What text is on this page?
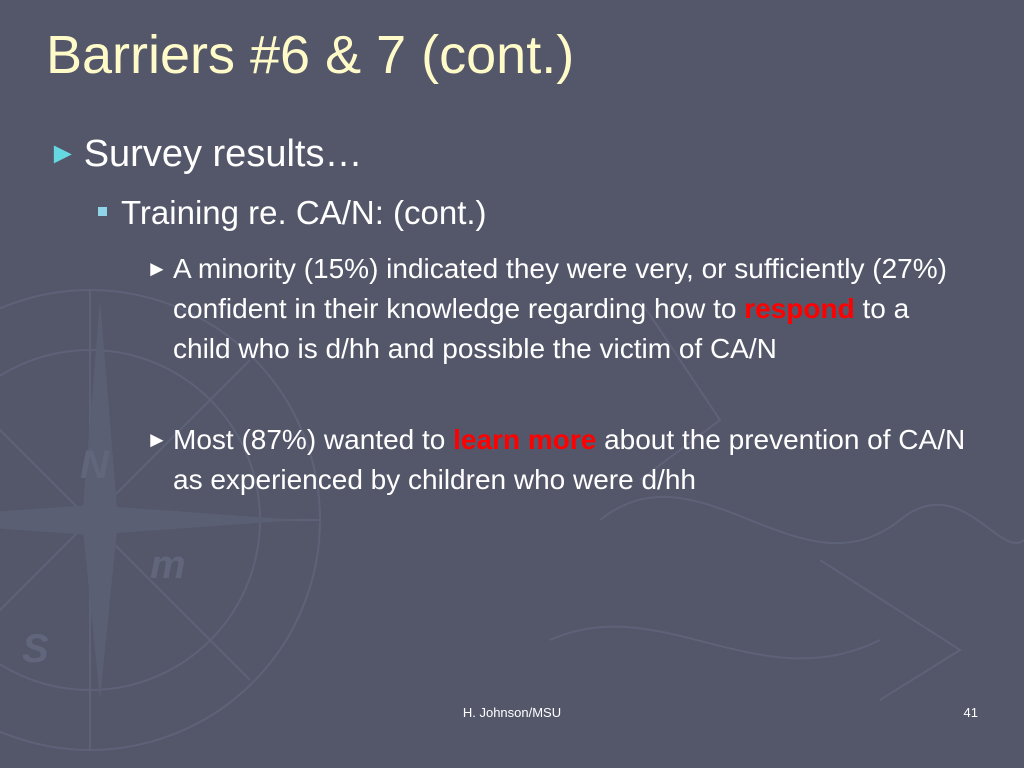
N
m
S
Barriers #6 & 7 (cont.)
► Survey results…
Training re. CA/N: (cont.)
► A minority (15%) indicated they were very, or sufficiently (27%) confident in their knowledge regarding how to respond to a child who is d/hh and possible the victim of CA/N
► Most (87%) wanted to learn more about the prevention of CA/N as experienced by children who were d/hh
H. Johnson/MSU	41
